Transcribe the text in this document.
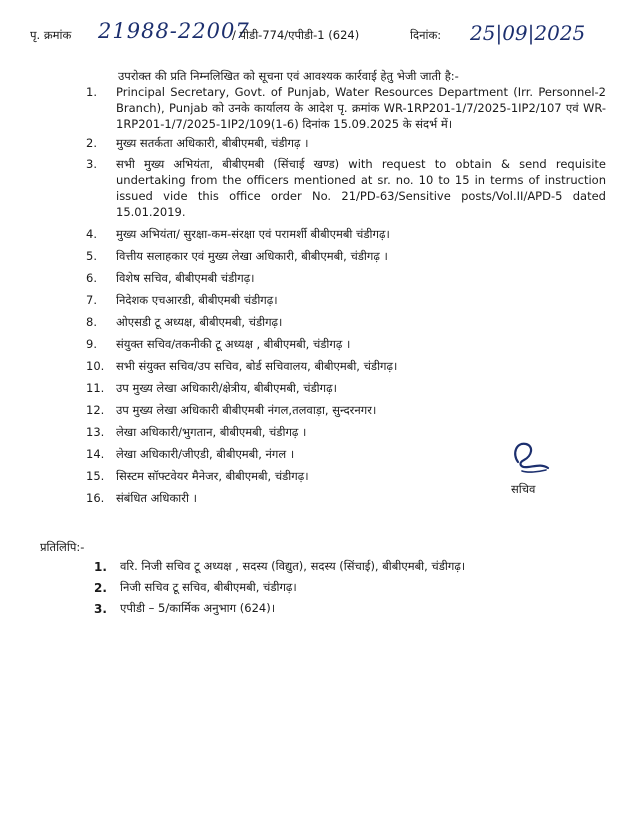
पृ. क्रमांक 21988-22007
/ पीडी-774/एपीडी-1 (624)	दिनांक: 25|09|2025
उपरोक्त की प्रति निम्नलिखित को सूचना एवं आवश्यक कार्रवाई हेतु भेजी जाती है:-
1.	Principal Secretary, Govt. of Punjab, Water Resources Department (Irr. Personnel-2 Branch), Punjab को उनके कार्यालय के आदेश पृ. क्रमांक WR-1RP201-1/7/2025-1IP2/107 एवं WR-1RP201-1/7/2025-1IP2/109(1-6) दिनांक 15.09.2025 के संदर्भ में।
2.	मुख्य सतर्कता अधिकारी, बीबीएमबी, चंडीगढ़ ।
3.	सभी मुख्य अभियंता, बीबीएमबी (सिंचाई खण्ड) with request to obtain & send requisite undertaking from the officers mentioned at sr. no. 10 to 15 in terms of instruction issued vide this office order No. 21/PD-63/Sensitive posts/Vol.II/APD-5 dated 15.01.2019.
4.	मुख्य अभियंता/ सुरक्षा-कम-संरक्षा एवं परामर्शी बीबीएमबी चंडीगढ़।
5.	वित्तीय सलाहकार एवं मुख्य लेखा अधिकारी, बीबीएमबी, चंडीगढ़ ।
6.	विशेष सचिव, बीबीएमबी चंडीगढ़।
7.	निदेशक एचआरडी, बीबीएमबी चंडीगढ़।
8.	ओएसडी टू अध्यक्ष, बीबीएमबी, चंडीगढ़।
9.	संयुक्त सचिव/तकनीकी टू अध्यक्ष , बीबीएमबी, चंडीगढ़ ।
10.	सभी संयुक्त सचिव/उप सचिव, बोर्ड सचिवालय, बीबीएमबी, चंडीगढ़।
11.	उप मुख्य लेखा अधिकारी/क्षेत्रीय, बीबीएमबी, चंडीगढ़।
12.	उप मुख्य लेखा अधिकारी बीबीएमबी नंगल,तलवाड़ा, सुन्दरनगर।
13.	लेखा अधिकारी/भुगतान, बीबीएमबी, चंडीगढ़ ।
14.	लेखा अधिकारी/जीएडी, बीबीएमबी, नंगल ।
15.	सिस्टम सॉफ्टवेयर मैनेजर, बीबीएमबी, चंडीगढ़।
16.	संबंधित अधिकारी ।
सचिव
प्रतिलिपि:-
1.	वरि. निजी सचिव टू अध्यक्ष , सदस्य (विद्युत), सदस्य (सिंचाई), बीबीएमबी, चंडीगढ़।
2.	निजी सचिव टू सचिव, बीबीएमबी, चंडीगढ़।
3.	एपीडी – 5/कार्मिक अनुभाग (624)।
